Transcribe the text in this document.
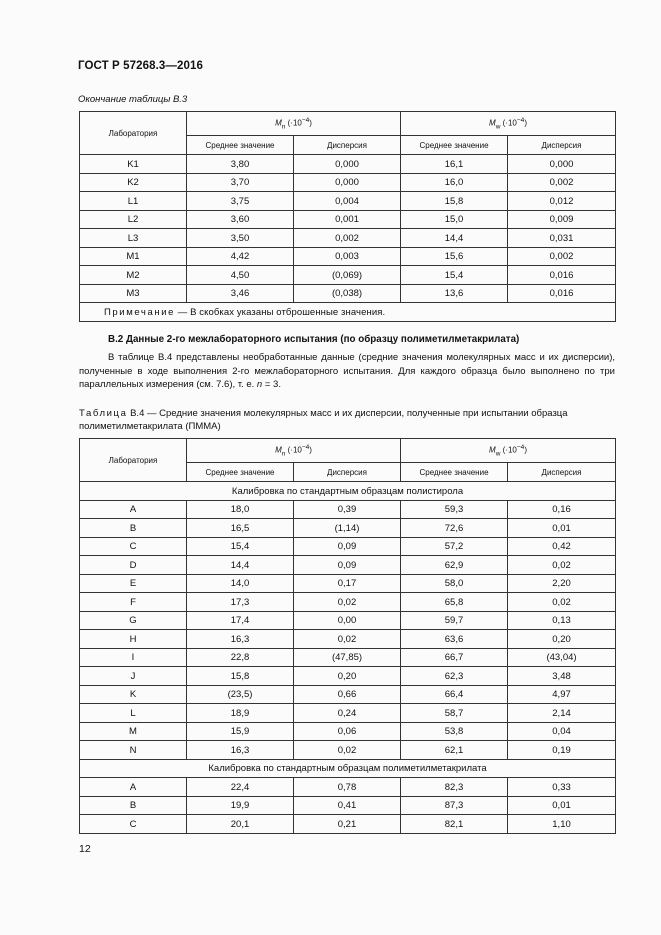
ГОСТ Р 57268.3—2016
Окончание таблицы В.3
Лаборатория	$M_n$ $(\cdot 10^{-4})$		$M_w$ $(\cdot 10^{-4})$	
	Среднее значение	Дисперсия	Среднее значение	Дисперсия
K1	3,80	0,000	16,1	0,000
K2	3,70	0,000	16,0	0,002
L1	3,75	0,004	15,8	0,012
L2	3,60	0,001	15,0	0,009
L3	3,50	0,002	14,4	0,031
M1	4,42	0,003	15,6	0,002
M2	4,50	(0,069)	15,4	0,016
M3	3,46	(0,038)	13,6	0,016
Примечание — В скобках указаны отброшенные значения.				
В.2 Данные 2-го межлабораторного испытания (по образцу полиметилметакрилата)

В таблице В.4 представлены необработанные данные (средние значения молекулярных масс и их дисперсии), полученные в ходе выполнения 2-го межлабораторного испытания. Для каждого образца было выполнено по три параллельных измерения (см. 7.6), т. е. n = 3.

Таблица В.4 — Средние значения молекулярных масс и их дисперсии, полученные при испытании образца полиметилметакрилата (ПММА)
Лаборатория	$M_n$ $(\cdot 10^{-4})$		$M_w$ $(\cdot 10^{-4})$	
	Среднее значение	Дисперсия	Среднее значение	Дисперсия
Калибровка по стандартным образцам полистирола				
A	18,0	0,39	59,3	0,16
B	16,5	(1,14)	72,6	0,01
C	15,4	0,09	57,2	0,42
D	14,4	0,09	62,9	0,02
E	14,0	0,17	58,0	2,20
F	17,3	0,02	65,8	0,02
G	17,4	0,00	59,7	0,13
H	16,3	0,02	63,6	0,20
I	22,8	(47,85)	66,7	(43,04)
J	15,8	0,20	62,3	3,48
K	(23,5)	0,66	66,4	4,97
L	18,9	0,24	58,7	2,14
M	15,9	0,06	53,8	0,04
N	16,3	0,02	62,1	0,19
Калибровка по стандартным образцам полиметилметакрилата				
A	22,4	0,78	82,3	0,33
B	19,9	0,41	87,3	0,01
C	20,1	0,21	82,1	1,10
12
